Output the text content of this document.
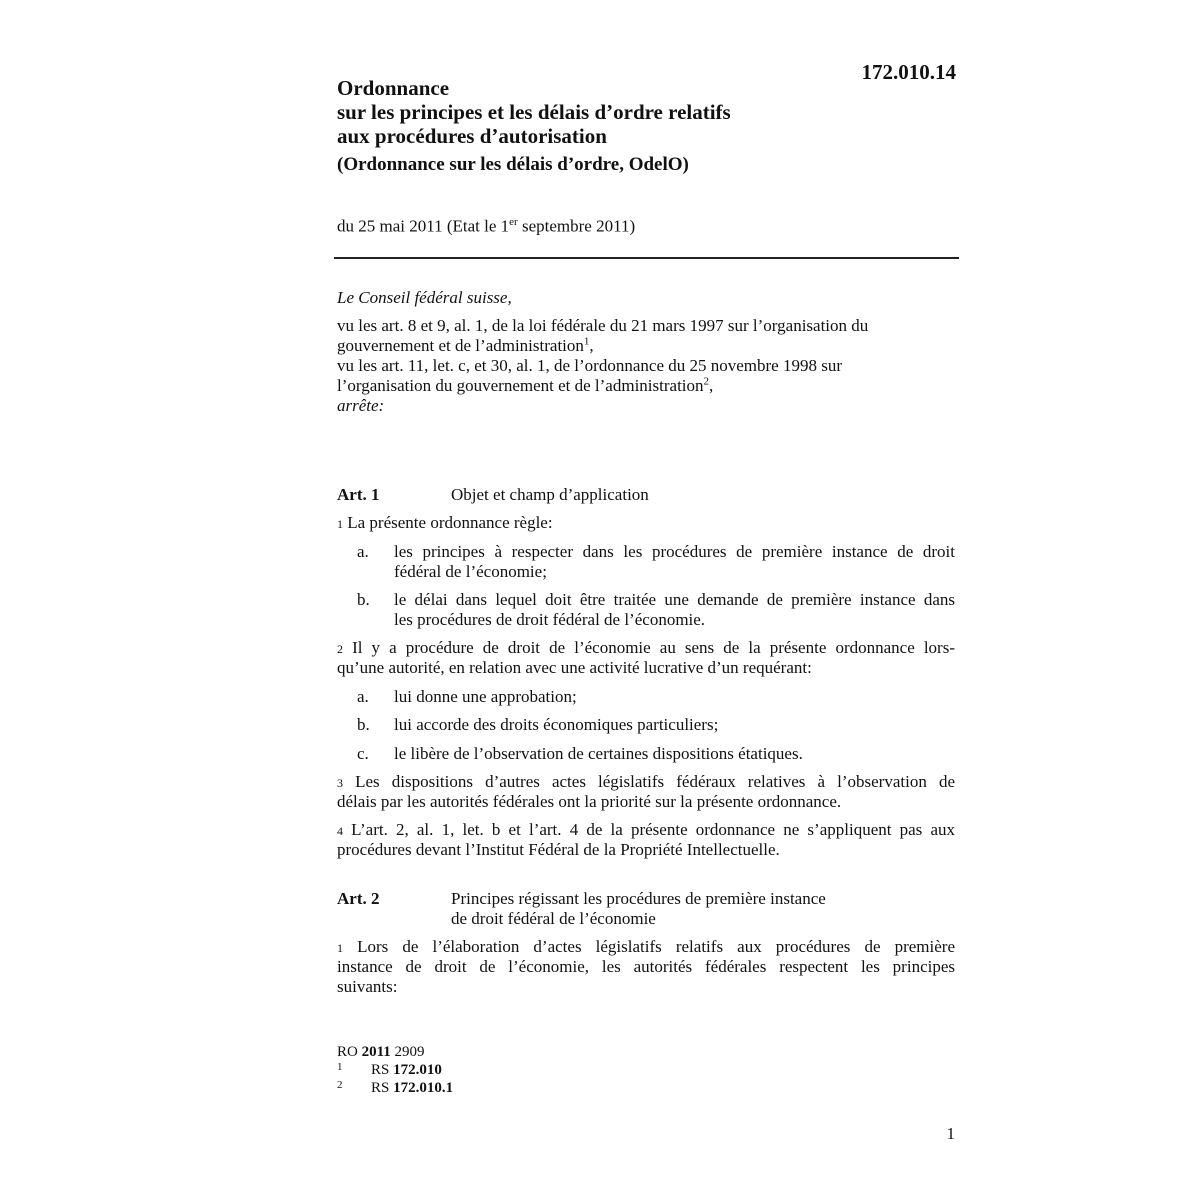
172.010.14
Ordonnance
sur les principes et les délais d’ordre relatifs
aux procédures d’autorisation
(Ordonnance sur les délais d’ordre, OdelO)
du 25 mai 2011 (Etat le 1er septembre 2011)
Le Conseil fédéral suisse,
vu les art. 8 et 9, al. 1, de la loi fédérale du 21 mars 1997 sur l’organisation du
gouvernement et de l’administration$^1$,
vu les art. 11, let. c, et 30, al. 1, de l’ordonnance du 25 novembre 1998 sur
l’organisation du gouvernement et de l’administration$^2$,
arrête:
Art. 1	Objet et champ d’application
$^1$ La présente ordonnance règle:
a. les principes à respecter dans les procédures de première instance de droit
fédéral de l’économie;
b. le délai dans lequel doit être traitée une demande de première instance dans
les procédures de droit fédéral de l’économie.
$^2$ Il y a procédure de droit de l’économie au sens de la présente ordonnance lors-
qu’une autorité, en relation avec une activité lucrative d’un requérant:
a. lui donne une approbation;
b. lui accorde des droits économiques particuliers;
c. le libère de l’observation de certaines dispositions étatiques.
$^3$ Les dispositions d’autres actes législatifs fédéraux relatives à l’observation de
délais par les autorités fédérales ont la priorité sur la présente ordonnance.
$^4$ L’art. 2, al. 1, let. b et l’art. 4 de la présente ordonnance ne s’appliquent pas aux
procédures devant l’Institut Fédéral de la Propriété Intellectuelle.
Art. 2	Principes régissant les procédures de première instance
de droit fédéral de l’économie
$^1$ Lors de l’élaboration d’actes législatifs relatifs aux procédures de première
instance de droit de l’économie, les autorités fédérales respectent les principes
suivants:
RO 2011 2909
1 RS 172.010
2 RS 172.010.1
1
